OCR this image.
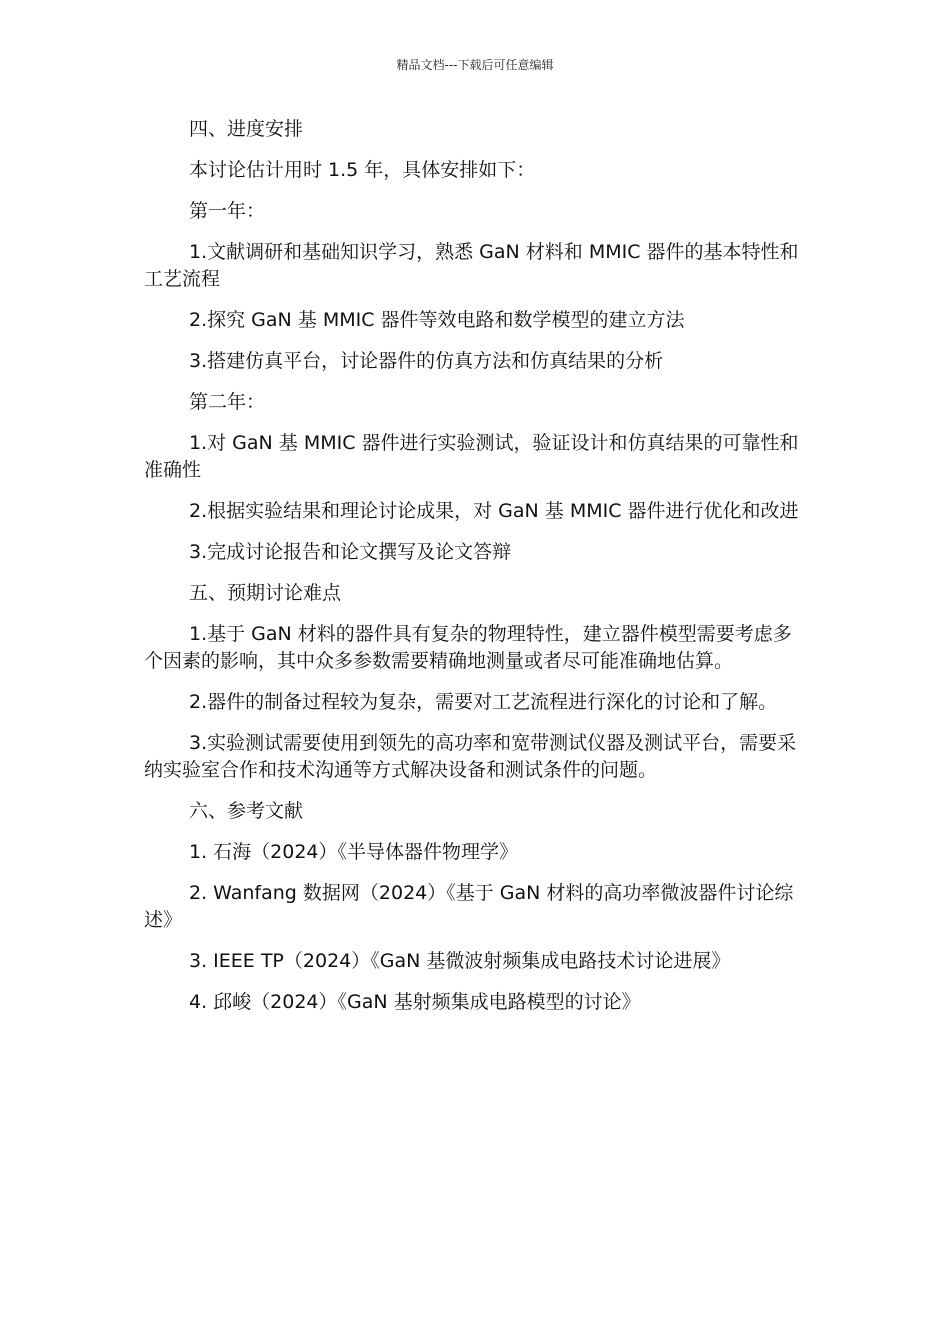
精品文档---下载后可任意编辑

四、进度安排

本讨论估计用时 1.5 年，具体安排如下：

第一年：

1.文献调研和基础知识学习，熟悉 GaN 材料和 MMIC 器件的基本特性和工艺流程

2.探究 GaN 基 MMIC 器件等效电路和数学模型的建立方法

3.搭建仿真平台，讨论器件的仿真方法和仿真结果的分析

第二年：

1.对 GaN 基 MMIC 器件进行实验测试，验证设计和仿真结果的可靠性和准确性

2.根据实验结果和理论讨论成果，对 GaN 基 MMIC 器件进行优化和改进

3.完成讨论报告和论文撰写及论文答辩

五、预期讨论难点

1.基于 GaN 材料的器件具有复杂的物理特性，建立器件模型需要考虑多个因素的影响，其中众多参数需要精确地测量或者尽可能准确地估算。

2.器件的制备过程较为复杂，需要对工艺流程进行深化的讨论和了解。

3.实验测试需要使用到领先的高功率和宽带测试仪器及测试平台，需要采纳实验室合作和技术沟通等方式解决设备和测试条件的问题。

六、参考文献

1. 石海（2024）《半导体器件物理学》

2. Wanfang 数据网（2024）《基于 GaN 材料的高功率微波器件讨论综述》

3. IEEE TP（2024）《GaN 基微波射频集成电路技术讨论进展》

4. 邱峻（2024）《GaN 基射频集成电路模型的讨论》
